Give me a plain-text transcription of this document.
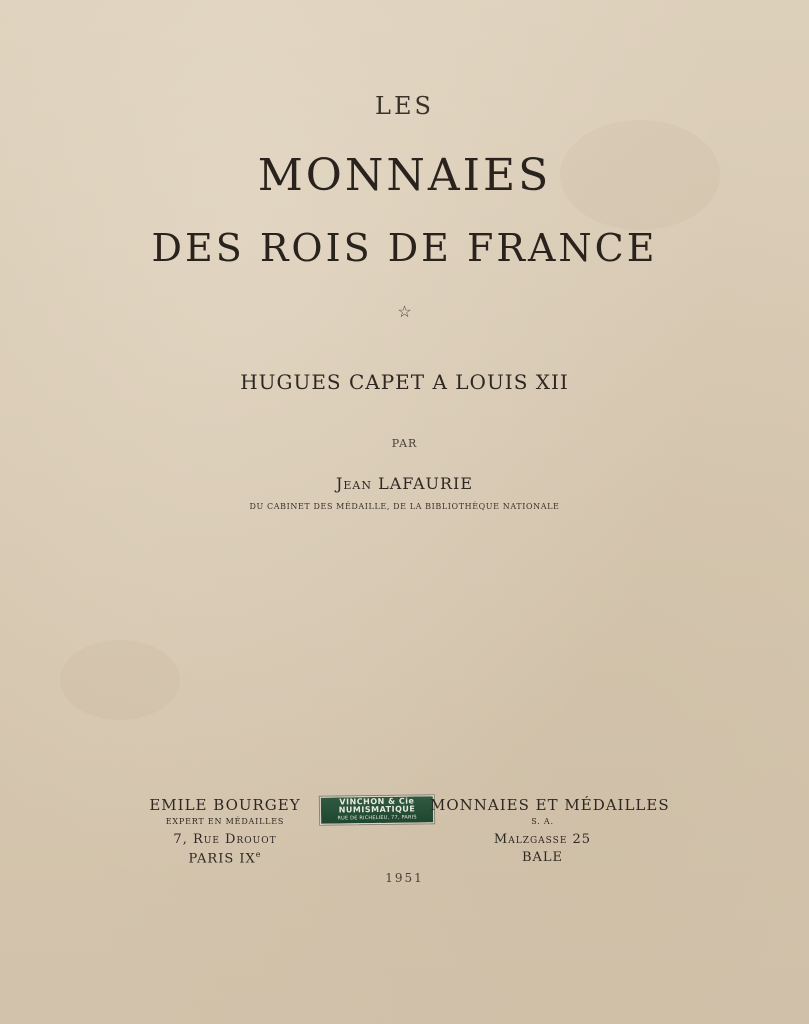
LES
MONNAIES
DES ROIS DE FRANCE
☆
HUGUES CAPET A LOUIS XII
PAR
Jean LAFAURIE
DU CABINET DES MÉDAILLE, DE LA BIBLIOTHÈQUE NATIONALE
EMILE BOURGEY
EXPERT EN MÉDAILLES
7, Rue Drouot
PARIS IXe
VINCHON & Cie
NUMISMATIQUE
RUE DE RICHELIEU, 77, PARIS
MONNAIES ET MÉDAILLES
S. A.
Malzgasse 25
BALE
1951
